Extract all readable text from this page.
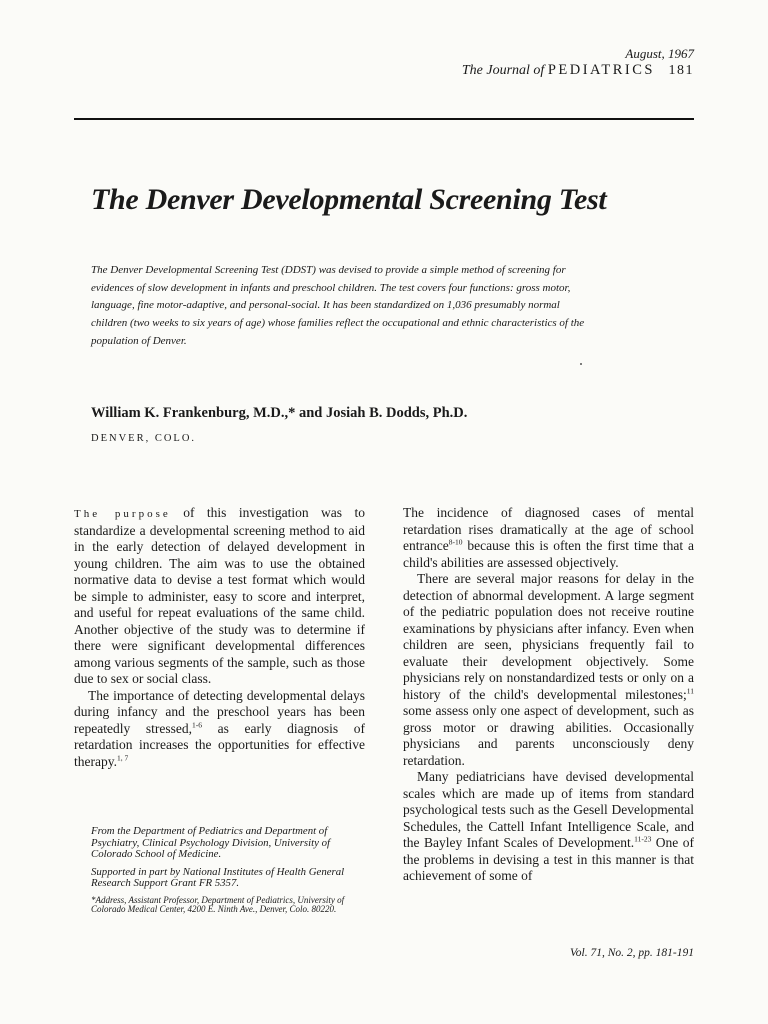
August, 1967
The Journal of PEDIATRICS 181
The Denver Developmental Screening Test
The Denver Developmental Screening Test (DDST) was devised to provide a simple method of screening for evidences of slow development in infants and preschool children. The test covers four functions: gross motor, language, fine motor-adaptive, and personal-social. It has been standardized on 1,036 presumably normal children (two weeks to six years of age) whose families reflect the occupational and ethnic characteristics of the population of Denver.
William K. Frankenburg, M.D.,* and Josiah B. Dodds, Ph.D.
DENVER, COLO.

The purpose of this investigation was to standardize a developmental screening method to aid in the early detection of delayed development in young children. The aim was to use the obtained normative data to devise a test format which would be simple to administer, easy to score and interpret, and useful for repeat evaluations of the same child. Another objective of the study was to determine if there were significant developmental differences among various segments of the sample, such as those due to sex or social class.

The importance of detecting developmental delays during infancy and the preschool years has been repeatedly stressed,$^{1-6}$ as early diagnosis of retardation increases the opportunities for effective therapy.$^{1, 7}$

From the Department of Pediatrics and Department of Psychiatry, Clinical Psychology Division, University of Colorado School of Medicine.

Supported in part by National Institutes of Health General Research Support Grant FR 5357.

*Address, Assistant Professor, Department of Pediatrics, University of Colorado Medical Center, 4200 E. Ninth Ave., Denver, Colo. 80220.

The incidence of diagnosed cases of mental retardation rises dramatically at the age of school entrance$^{8-10}$ because this is often the first time that a child's abilities are assessed objectively.

There are several major reasons for delay in the detection of abnormal development. A large segment of the pediatric population does not receive routine examinations by physicians after infancy. Even when children are seen, physicians frequently fail to evaluate their development objectively. Some physicians rely on nonstandardized tests or only on a history of the child's developmental milestones;$^{11}$ some assess only one aspect of development, such as gross motor or drawing abilities. Occasionally physicians and parents unconsciously deny retardation.

Many pediatricians have devised developmental scales which are made up of items from standard psychological tests such as the Gesell Developmental Schedules, the Cattell Infant Intelligence Scale, and the Bayley Infant Scales of Development.$^{11-23}$ One of the problems in devising a test in this manner is that achievement of some of

Vol. 71, No. 2, pp. 181-191
